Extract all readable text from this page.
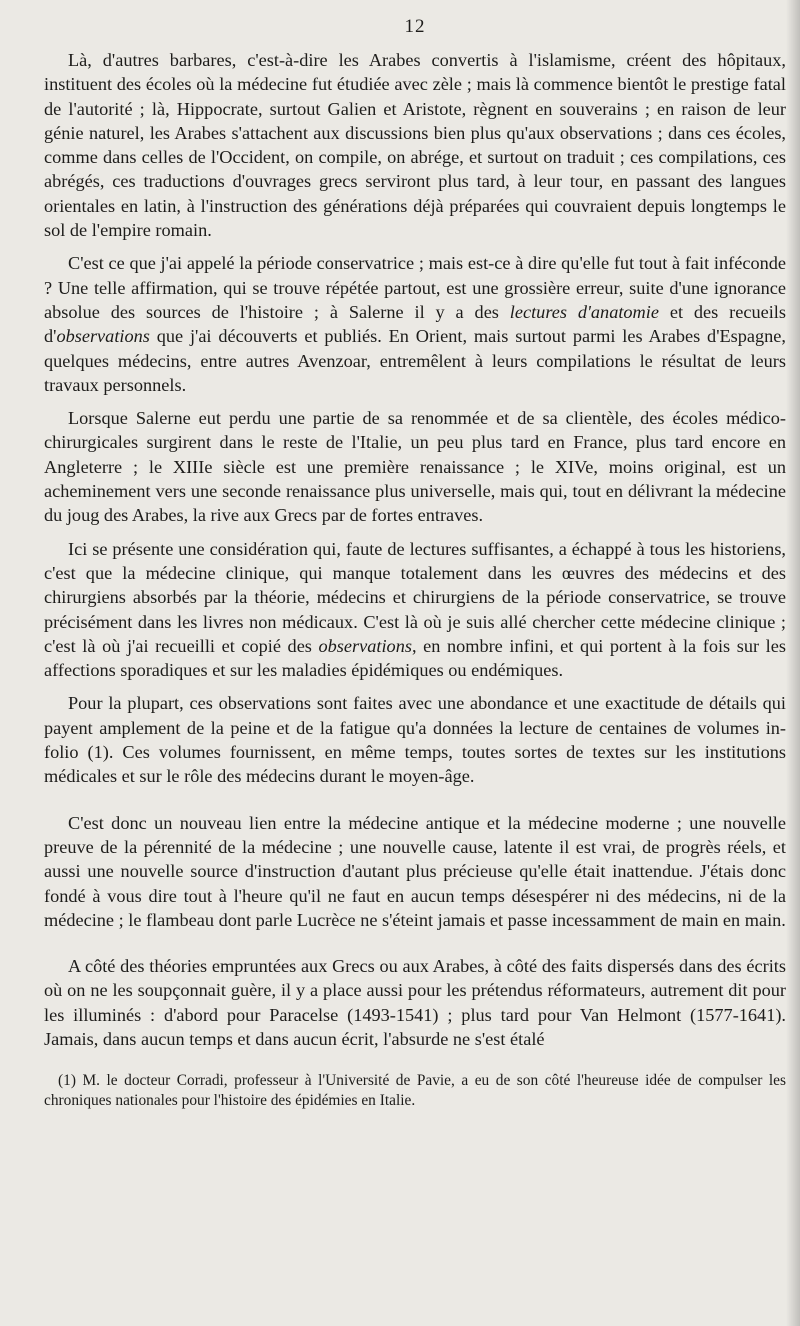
12

Là, d'autres barbares, c'est-à-dire les Arabes convertis à l'islamisme, créent des hôpitaux, instituent des écoles où la médecine fut étudiée avec zèle ; mais là commence bientôt le prestige fatal de l'autorité ; là, Hippocrate, surtout Galien et Aristote, règnent en souverains ; en raison de leur génie naturel, les Arabes s'attachent aux discussions bien plus qu'aux observations ; dans ces écoles, comme dans celles de l'Occident, on compile, on abrége, et surtout on traduit ; ces compilations, ces abrégés, ces traductions d'ouvrages grecs serviront plus tard, à leur tour, en passant des langues orientales en latin, à l'instruction des générations déjà préparées qui couvraient depuis longtemps le sol de l'empire romain.

C'est ce que j'ai appelé la période conservatrice ; mais est-ce à dire qu'elle fut tout à fait inféconde ? Une telle affirmation, qui se trouve répétée partout, est une grossière erreur, suite d'une ignorance absolue des sources de l'histoire ; à Salerne il y a des lectures d'anatomie et des recueils d'observations que j'ai découverts et publiés. En Orient, mais surtout parmi les Arabes d'Espagne, quelques médecins, entre autres Avenzoar, entremêlent à leurs compilations le résultat de leurs travaux personnels.

Lorsque Salerne eut perdu une partie de sa renommée et de sa clientèle, des écoles médico-chirurgicales surgirent dans le reste de l'Italie, un peu plus tard en France, plus tard encore en Angleterre ; le XIIIe siècle est une première renaissance ; le XIVe, moins original, est un acheminement vers une seconde renaissance plus universelle, mais qui, tout en délivrant la médecine du joug des Arabes, la rive aux Grecs par de fortes entraves.

Ici se présente une considération qui, faute de lectures suffisantes, a échappé à tous les historiens, c'est que la médecine clinique, qui manque totalement dans les œuvres des médecins et des chirurgiens absorbés par la théorie, médecins et chirurgiens de la période conservatrice, se trouve précisément dans les livres non médicaux. C'est là où je suis allé chercher cette médecine clinique ; c'est là où j'ai recueilli et copié des observations, en nombre infini, et qui portent à la fois sur les affections sporadiques et sur les maladies épidémiques ou endémiques.

Pour la plupart, ces observations sont faites avec une abondance et une exactitude de détails qui payent amplement de la peine et de la fatigue qu'a données la lecture de centaines de volumes in-folio (1). Ces volumes fournissent, en même temps, toutes sortes de textes sur les institutions médicales et sur le rôle des médecins durant le moyen-âge.

C'est donc un nouveau lien entre la médecine antique et la médecine moderne ; une nouvelle preuve de la pérennité de la médecine ; une nouvelle cause, latente il est vrai, de progrès réels, et aussi une nouvelle source d'instruction d'autant plus précieuse qu'elle était inattendue. J'étais donc fondé à vous dire tout à l'heure qu'il ne faut en aucun temps désespérer ni des médecins, ni de la médecine ; le flambeau dont parle Lucrèce ne s'éteint jamais et passe incessamment de main en main.

A côté des théories empruntées aux Grecs ou aux Arabes, à côté des faits dispersés dans des écrits où on ne les soupçonnait guère, il y a place aussi pour les prétendus réformateurs, autrement dit pour les illuminés : d'abord pour Paracelse (1493-1541) ; plus tard pour Van Helmont (1577-1641). Jamais, dans aucun temps et dans aucun écrit, l'absurde ne s'est étalé

(1) M. le docteur Corradi, professeur à l'Université de Pavie, a eu de son côté l'heureuse idée de compulser les chroniques nationales pour l'histoire des épidémies en Italie.
